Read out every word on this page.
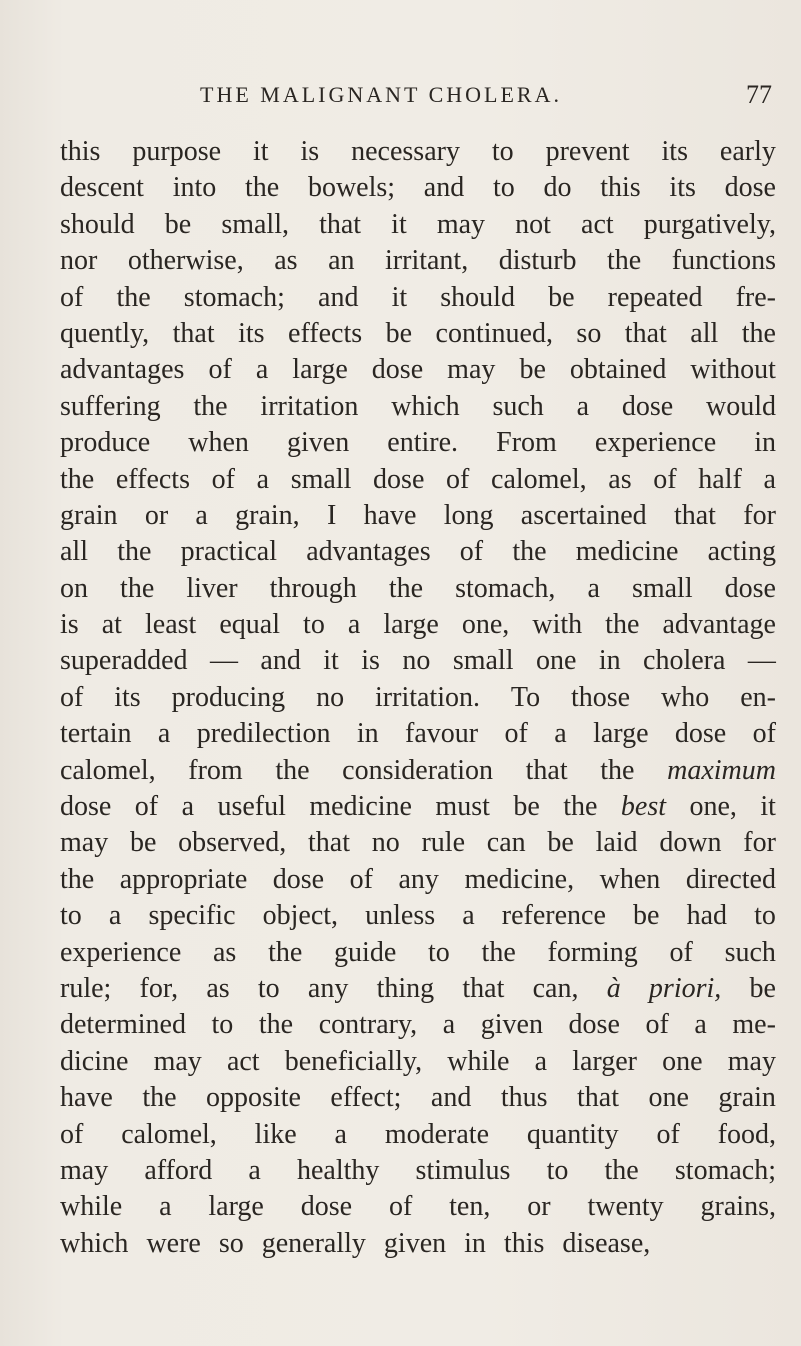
THE MALIGNANT CHOLERA.	77
this purpose it is necessary to prevent its early
descent into the bowels; and to do this its dose
should be small, that it may not act purgatively,
nor otherwise, as an irritant, disturb the functions
of the stomach; and it should be repeated fre-
quently, that its effects be continued, so that all the
advantages of a large dose may be obtained without
suffering the irritation which such a dose would
produce when given entire. From experience in
the effects of a small dose of calomel, as of half a
grain or a grain, I have long ascertained that for
all the practical advantages of the medicine acting
on the liver through the stomach, a small dose
is at least equal to a large one, with the advantage
superadded — and it is no small one in cholera —
of its producing no irritation. To those who en-
tertain a predilection in favour of a large dose of
calomel, from the consideration that the maximum
dose of a useful medicine must be the best one, it
may be observed, that no rule can be laid down for
the appropriate dose of any medicine, when directed
to a specific object, unless a reference be had to
experience as the guide to the forming of such
rule; for, as to any thing that can, à priori, be
determined to the contrary, a given dose of a me-
dicine may act beneficially, while a larger one may
have the opposite effect; and thus that one grain
of calomel, like a moderate quantity of food,
may afford a healthy stimulus to the stomach;
while a large dose of ten, or twenty grains,
which were so generally given in this disease,
